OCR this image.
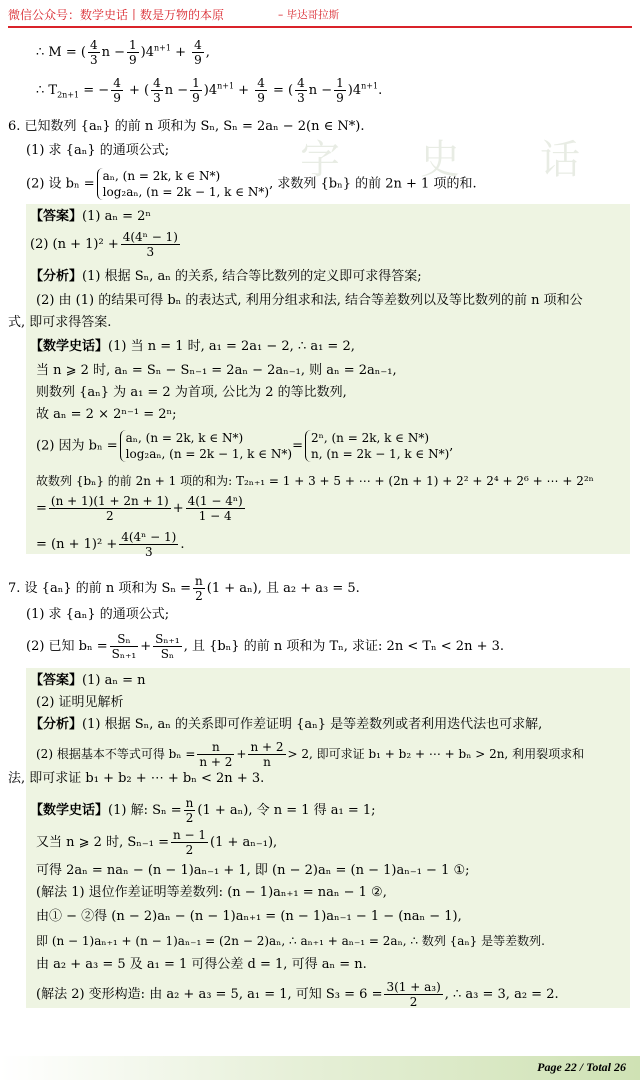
微信公众号：数学史话丨数是万物的本原	– 毕达哥拉斯
字 史 话
∴ M = ( $\frac{4}{3}$ $n - \frac{1}{9} )4^{n+1} + \frac{4}{9}$ ,
∴ $T_{2n+1}$ = − $\frac{4}{9}$ + ( $\frac{4}{3}$ $n - \frac{1}{9} )4^{n+1} + \frac{4}{9}$ = ( $\frac{4}{3}$ $n - \frac{1}{9} )4^{n+1}$.
6. 已知数列 {aₙ} 的前 n 项和为 Sₙ, Sₙ = 2aₙ − 2(n ∈ N*).
(1) 求 {aₙ} 的通项公式;
(2) 设 bₙ =
aₙ, (n = 2k, k ∈ N*)
log₂aₙ, (n = 2k − 1, k ∈ N*)
, 求数列 {bₙ} 的前 2n + 1 项的和.
【答案】(1) aₙ = 2ⁿ
(2) $(n + 1)^2 + \frac{\text{4(4ⁿ − 1)}}{3}$
【分析】(1) 根据 Sₙ, aₙ 的关系, 结合等比数列的定义即可求得答案;
(2) 由 (1) 的结果可得 bₙ 的表达式, 利用分组求和法, 结合等差数列以及等比数列的前 n 项和公
式, 即可求得答案.
【数学史话】(1) 当 n = 1 时, a₁ = 2a₁ − 2, ∴ a₁ = 2,
当 n ⩾ 2 时, aₙ = Sₙ − Sₙ₋₁ = 2aₙ − 2aₙ₋₁, 则 aₙ = 2aₙ₋₁,
则数列 {aₙ} 为 a₁ = 2 为首项, 公比为 2 的等比数列,
故 aₙ = 2 × 2ⁿ⁻¹ = 2ⁿ;
(2) 因为 bₙ =
aₙ, (n = 2k, k ∈ N*)
log₂aₙ, (n = 2k − 1, k ∈ N*)
=
2ⁿ, (n = 2k, k ∈ N*)
n, (n = 2k − 1, k ∈ N*)
,
故数列 {bₙ} 的前 2n + 1 项的和为: T₂ₙ₊₁ = 1 + 3 + 5 + ⋯ + (2n + 1) + 2² + 2⁴ + 2⁶ + ⋯ + 2²ⁿ
= $\frac{(n + 1)(1 + 2n + 1)}{2} + \frac{\text{4(1 − 4ⁿ)}}{1 - 4}$
= $(n + 1)^2 + \frac{\text{4(4ⁿ − 1)}}{3}$ .
7. 设 {aₙ} 的前 n 项和为 $S_n = \frac{n}{2} (1 + a_n)$, 且 a₂ + a₃ = 5.
(1) 求 {aₙ} 的通项公式;
(2) 已知 $b_n = \frac{\text{Sₙ}}{\text{Sₙ₊₁}} + \frac{\text{Sₙ₊₁}}{\text{Sₙ}}$ , 且 {bₙ} 的前 n 项和为 Tₙ, 求证: 2n < Tₙ < 2n + 3.
【答案】(1) aₙ = n
(2) 证明见解析
【分析】(1) 根据 Sₙ, aₙ 的关系即可作差证明 {aₙ} 是等差数列或者利用迭代法也可求解,
(2) 根据基本不等式可得 $b_n = \frac{n}{n + 2} + \frac{n + 2}{n} > 2$, 即可求证 b₁ + b₂ + ⋯ + bₙ > 2n, 利用裂项求和
法, 即可求证 b₁ + b₂ + ⋯ + bₙ < 2n + 3.
【数学史话】(1) 解: $S_n = \frac{n}{2} (1 + a_n)$, 令 n = 1 得 a₁ = 1;
又当 n ⩾ 2 时, $S_{n-1} = \frac{n - 1}{2} (1 + a_{n-1})$,
可得 2aₙ = naₙ − (n − 1)aₙ₋₁ + 1, 即 (n − 2)aₙ = (n − 1)aₙ₋₁ − 1 ①;
(解法 1) 退位作差证明等差数列: (n − 1)aₙ₊₁ = naₙ − 1 ②,
由① − ②得 (n − 2)aₙ − (n − 1)aₙ₊₁ = (n − 1)aₙ₋₁ − 1 − (naₙ − 1),
即 (n − 1)aₙ₊₁ + (n − 1)aₙ₋₁ = (2n − 2)aₙ, ∴ aₙ₊₁ + aₙ₋₁ = 2aₙ, ∴ 数列 {aₙ} 是等差数列.
由 a₂ + a₃ = 5 及 a₁ = 1 可得公差 d = 1, 可得 aₙ = n.
(解法 2) 变形构造: 由 a₂ + a₃ = 5, a₁ = 1, 可知 $S_3 = 6 = \frac{\text{3(1 + a₃)}}{2}$ , ∴ a₃ = 3, a₂ = 2.
Page 22 / Total 26
